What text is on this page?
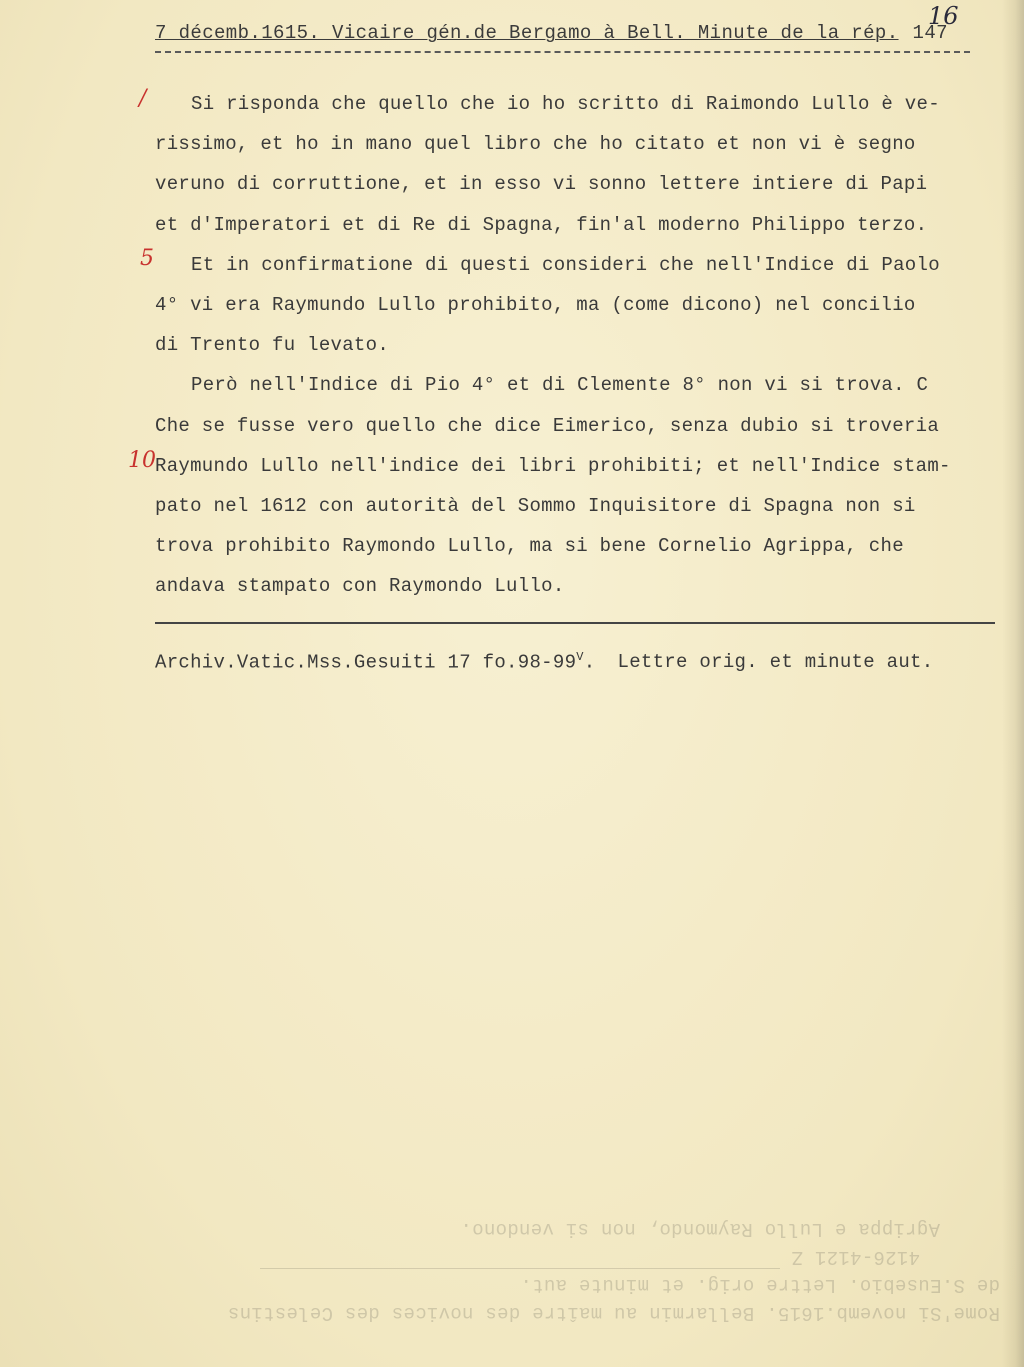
Rome'Si novemb.1615. Bellarmin au maître des novices des Celestins
de S.Eusebio. Lettre orig. et minute aut.
4126-4121 Z
Agrippa e Lullo Raymondo, non si vendono.
7 décemb.1615. Vicaire gén.de Bergamo à Bell. Minute de la rép. 147
16
/
5
10
Si risponda che quello che io ho scritto di Raimondo Lullo è ve-
rissimo, et ho in mano quel libro che ho citato et non vi è segno
veruno di corruttione, et in esso vi sonno lettere intiere di Papi
et d'Imperatori et di Re di Spagna, fin'al moderno Philippo terzo.
Et in confirmatione di questi consideri che nell'Indice di Paolo
4° vi era Raymundo Lullo prohibito, ma (come dicono) nel concilio
di Trento fu levato.
Però nell'Indice di Pio 4° et di Clemente 8° non vi si trova. C
Che se fusse vero quello che dice Eimerico, senza dubio si troveria
Raymundo Lullo nell'indice dei libri prohibiti; et nell'Indice stam-
pato nel 1612 con autorità del Sommo Inquisitore di Spagna non si
trova prohibito Raymondo Lullo, ma si bene Cornelio Agrippa, che
andava stampato con Raymondo Lullo.
Archiv.Vatic.Mss.Gesuiti 17 $fo.98-99^V$. Lettre orig. et minute aut.
